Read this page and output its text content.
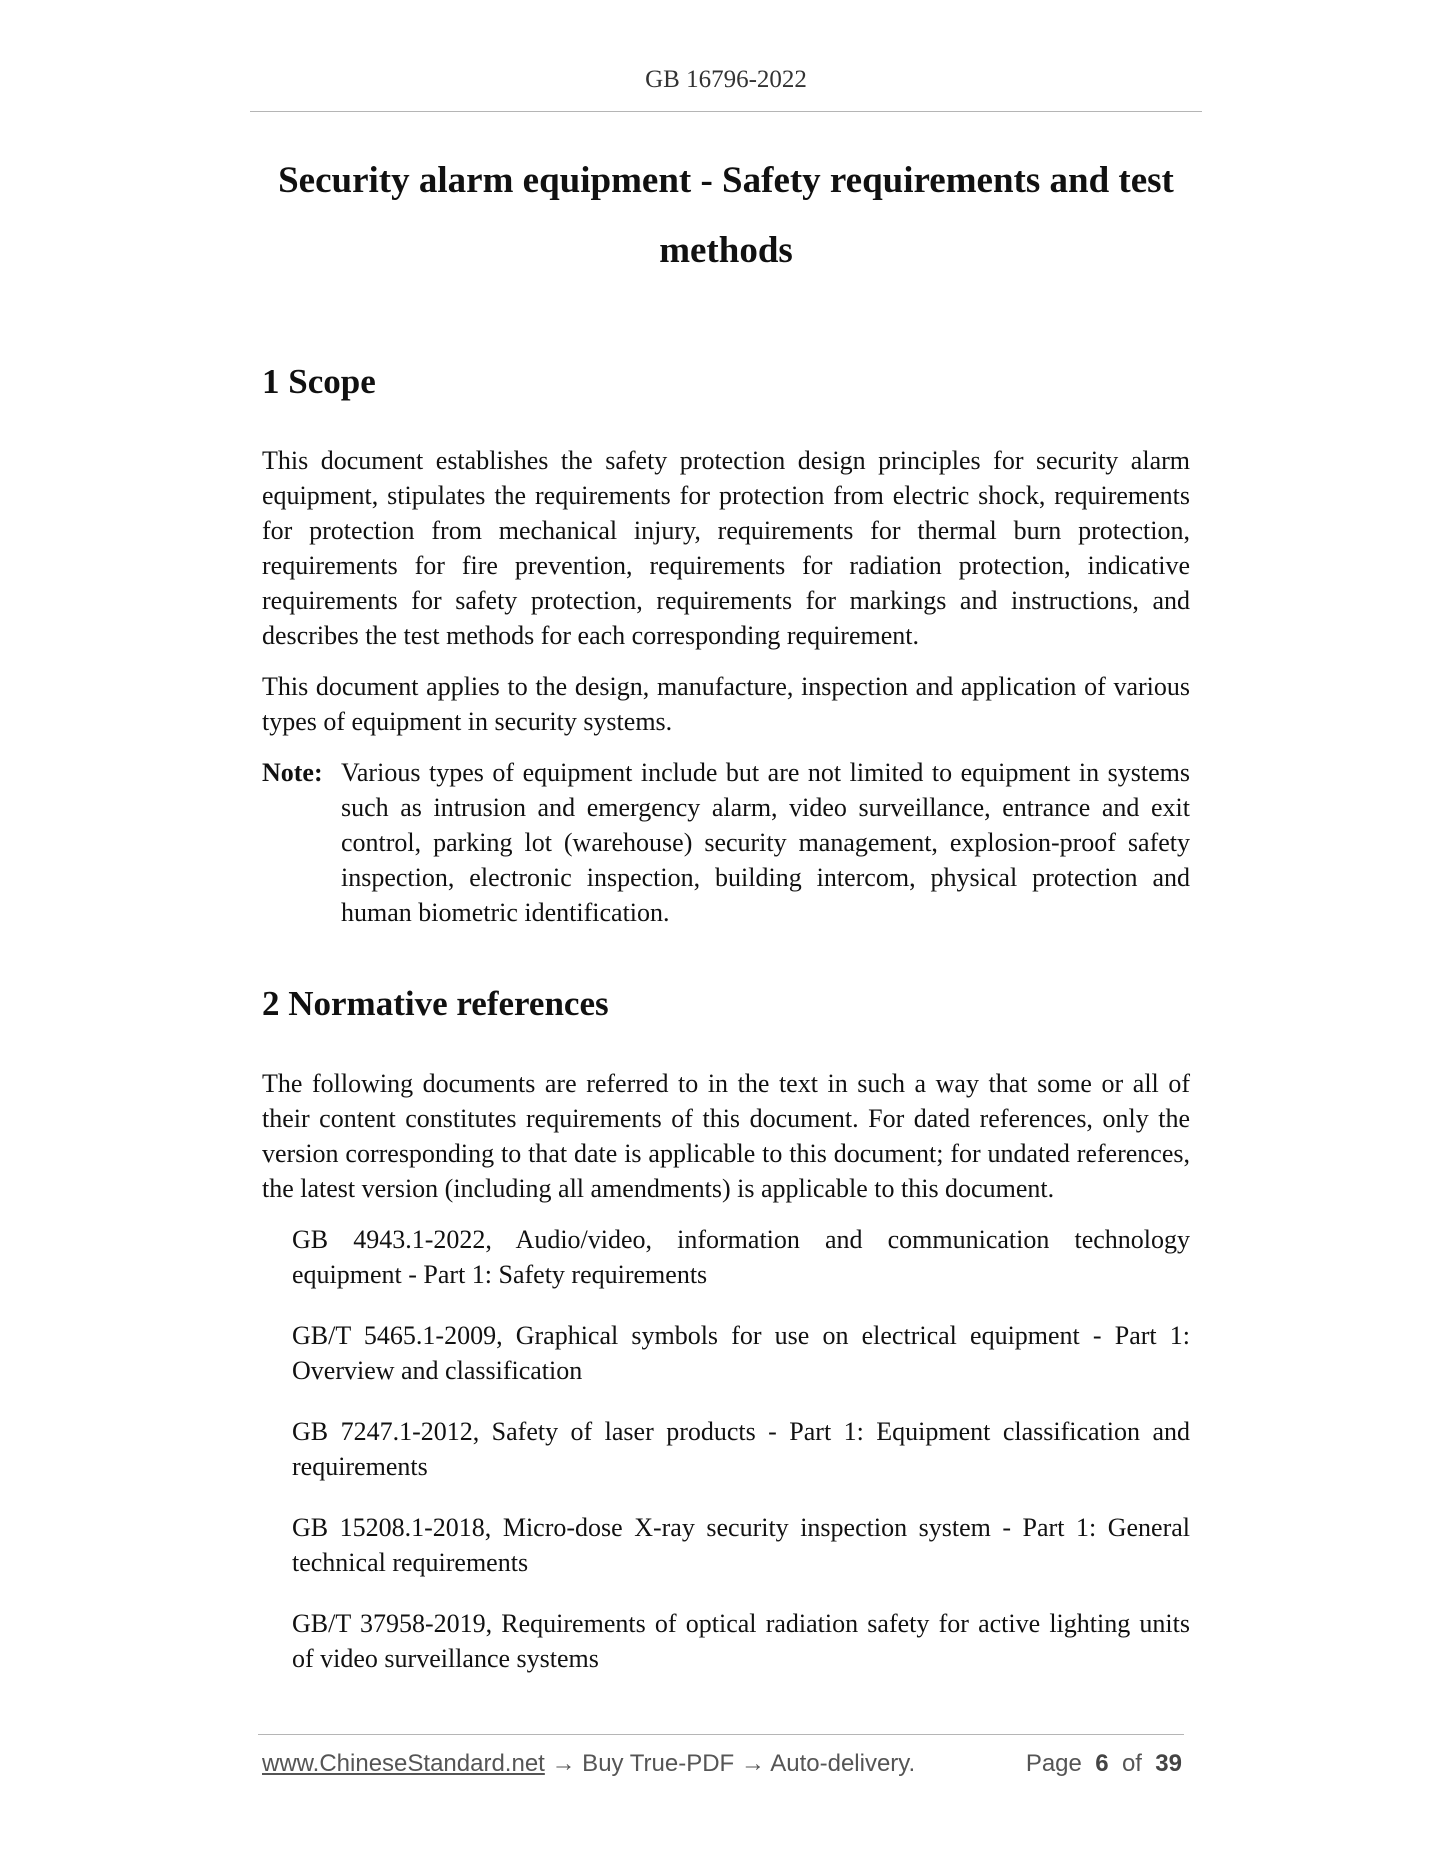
GB 16796-2022
Security alarm equipment - Safety requirements and test
methods
1 Scope

This document establishes the safety protection design principles for security alarm equipment, stipulates the requirements for protection from electric shock, requirements for protection from mechanical injury, requirements for thermal burn protection, requirements for fire prevention, requirements for radiation protection, indicative requirements for safety protection, requirements for markings and instructions, and describes the test methods for each corresponding requirement.

This document applies to the design, manufacture, inspection and application of various types of equipment in security systems.

Note: Various types of equipment include but are not limited to equipment in systems such as intrusion and emergency alarm, video surveillance, entrance and exit control, parking lot (warehouse) security management, explosion-proof safety inspection, electronic inspection, building intercom, physical protection and human biometric identification.
2 Normative references

The following documents are referred to in the text in such a way that some or all of their content constitutes requirements of this document. For dated references, only the version corresponding to that date is applicable to this document; for undated references, the latest version (including all amendments) is applicable to this document.

GB 4943.1-2022, Audio/video, information and communication technology equipment - Part 1: Safety requirements

GB/T 5465.1-2009, Graphical symbols for use on electrical equipment - Part 1: Overview and classification

GB 7247.1-2012, Safety of laser products - Part 1: Equipment classification and requirements

GB 15208.1-2018, Micro-dose X-ray security inspection system - Part 1: General technical requirements

GB/T 37958-2019, Requirements of optical radiation safety for active lighting units of video surveillance systems

www.ChineseStandard.net → Buy True-PDF → Auto-delivery.	Page 6 of 39
